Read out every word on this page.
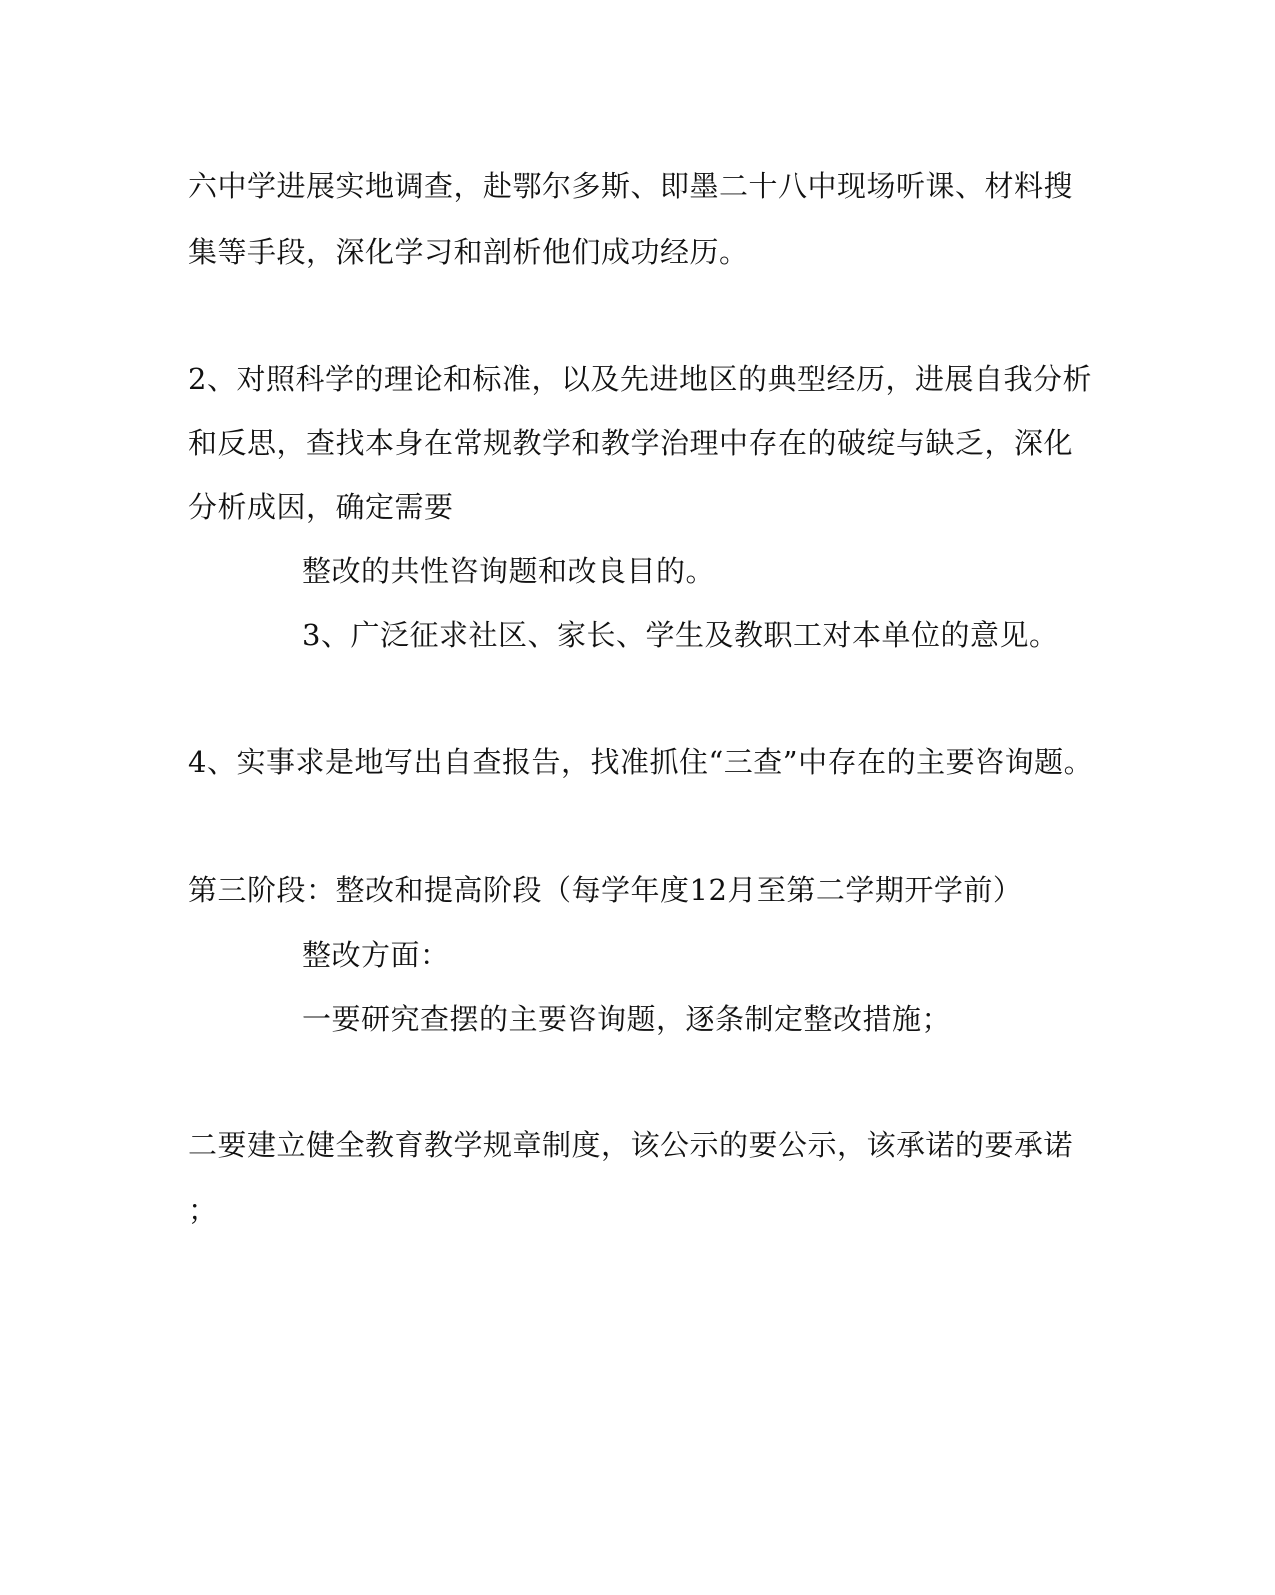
六中学进展实地调查，赴鄂尔多斯、即墨二十八中现场听课、材料搜
集等手段，深化学习和剖析他们成功经历。
2、对照科学的理论和标准，以及先进地区的典型经历，进展自我分析
和反思，查找本身在常规教学和教学治理中存在的破绽与缺乏，深化
分析成因，确定需要
整改的共性咨询题和改良目的。
3、广泛征求社区、家长、学生及教职工对本单位的意见。
4、实事求是地写出自查报告，找准抓住“三查”中存在的主要咨询题。
第三阶段：整改和提高阶段（每学年度12月至第二学期开学前）
整改方面：
一要研究查摆的主要咨询题，逐条制定整改措施；
二要建立健全教育教学规章制度，该公示的要公示，该承诺的要承诺
；
